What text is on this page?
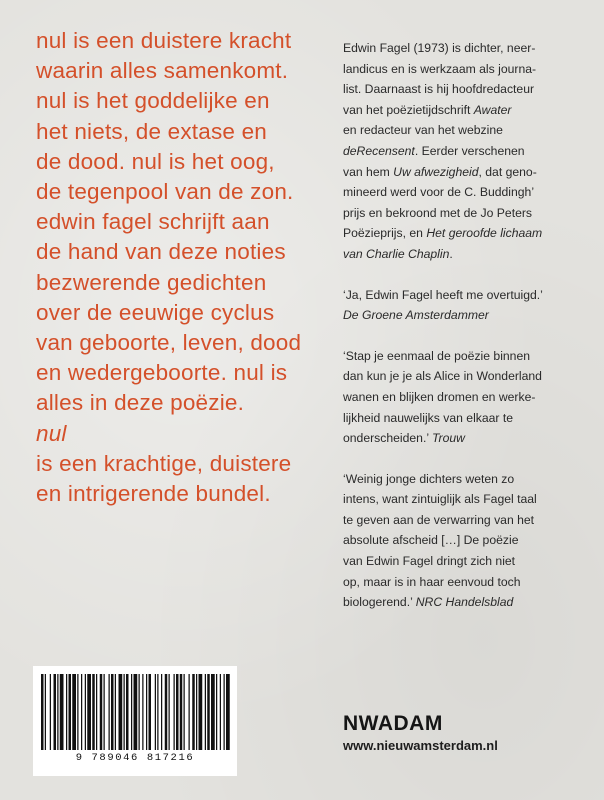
nul is een duistere kracht
waarin alles samenkomt.
nul is het goddelijke en
het niets, de extase en
de dood. nul is het oog,
de tegenpool van de zon.
edwin fagel schrijft aan
de hand van deze noties
bezwerende gedichten
over de eeuwige cyclus
van geboorte, leven, dood
en wedergeboorte. nul is
alles in deze poëzie.
nul
is een krachtige, duistere
en intrigerende bundel.
Edwin Fagel (1973) is dichter, neer-
landicus en is werkzaam als journa-
list. Daarnaast is hij hoofdredacteur
van het poëzietijdschrift Awater
en redacteur van het webzine
deRecensent. Eerder verschenen
van hem Uw afwezigheid, dat geno-
mineerd werd voor de C. Buddingh’
prijs en bekroond met de Jo Peters
Poëzieprijs, en Het geroofde lichaam
van Charlie Chaplin.
‘Ja, Edwin Fagel heeft me overtuigd.’
De Groene Amsterdammer
‘Stap je eenmaal de poëzie binnen
dan kun je je als Alice in Wonderland
wanen en blijken dromen en werke-
lijkheid nauwelijks van elkaar te
onderscheiden.’ Trouw
‘Weinig jonge dichters weten zo
intens, want zintuiglijk als Fagel taal
te geven aan de verwarring van het
absolute afscheid […] De poëzie
van Edwin Fagel dringt zich niet
op, maar is in haar eenvoud toch
biologerend.’ NRC Handelsblad
9 789046 817216
NWADAM
www.nieuwamsterdam.nl
